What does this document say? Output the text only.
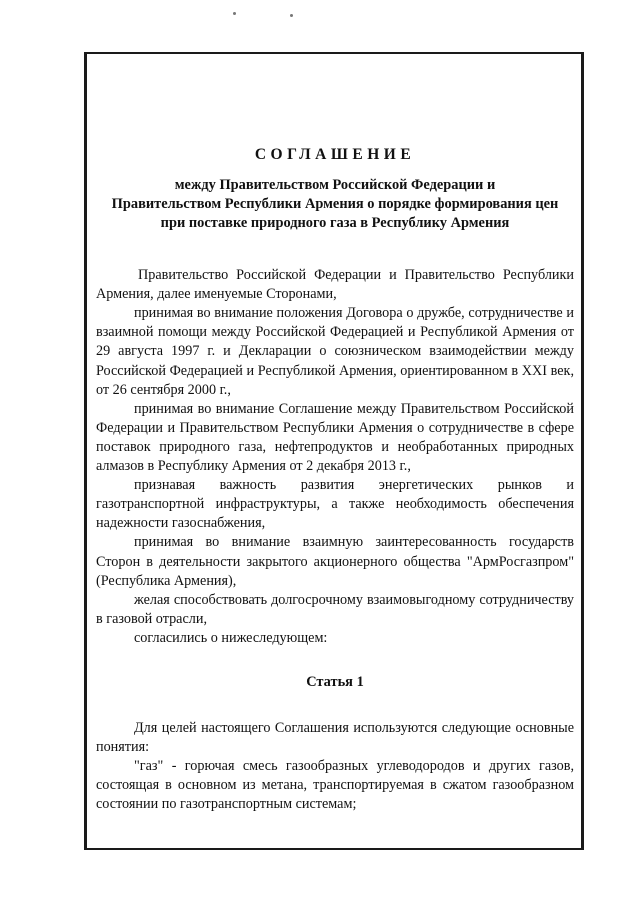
СОГЛАШЕНИЕ
между Правительством Российской Федерации и
Правительством Республики Армения о порядке формирования цен
при поставке природного газа в Республику Армения

Правительство Российской Федерации и Правительство Республики Армения, далее именуемые Сторонами,

принимая во внимание положения Договора о дружбе, сотрудничестве и взаимной помощи между Российской Федерацией и Республикой Армения от 29 августа 1997 г. и Декларации о союзническом взаимодействии между Российской Федерацией и Республикой Армения, ориентированном в XXI век, от 26 сентября 2000 г.,

принимая во внимание Соглашение между Правительством Российской Федерации и Правительством Республики Армения о сотрудничестве в сфере поставок природного газа, нефтепродуктов и необработанных природных алмазов в Республику Армения от 2 декабря 2013 г.,

признавая важность развития энергетических рынков и газотранспортной инфраструктуры, а также необходимость обеспечения надежности газоснабжения,

принимая во внимание взаимную заинтересованность государств Сторон в деятельности закрытого акционерного общества "АрмРосгазпром" (Республика Армения),

желая способствовать долгосрочному взаимовыгодному сотрудничеству в газовой отрасли,

согласились о нижеследующем:

Статья 1

Для целей настоящего Соглашения используются следующие основные понятия:

"газ" - горючая смесь газообразных углеводородов и других газов, состоящая в основном из метана, транспортируемая в сжатом газообразном состоянии по газотранспортным системам;
